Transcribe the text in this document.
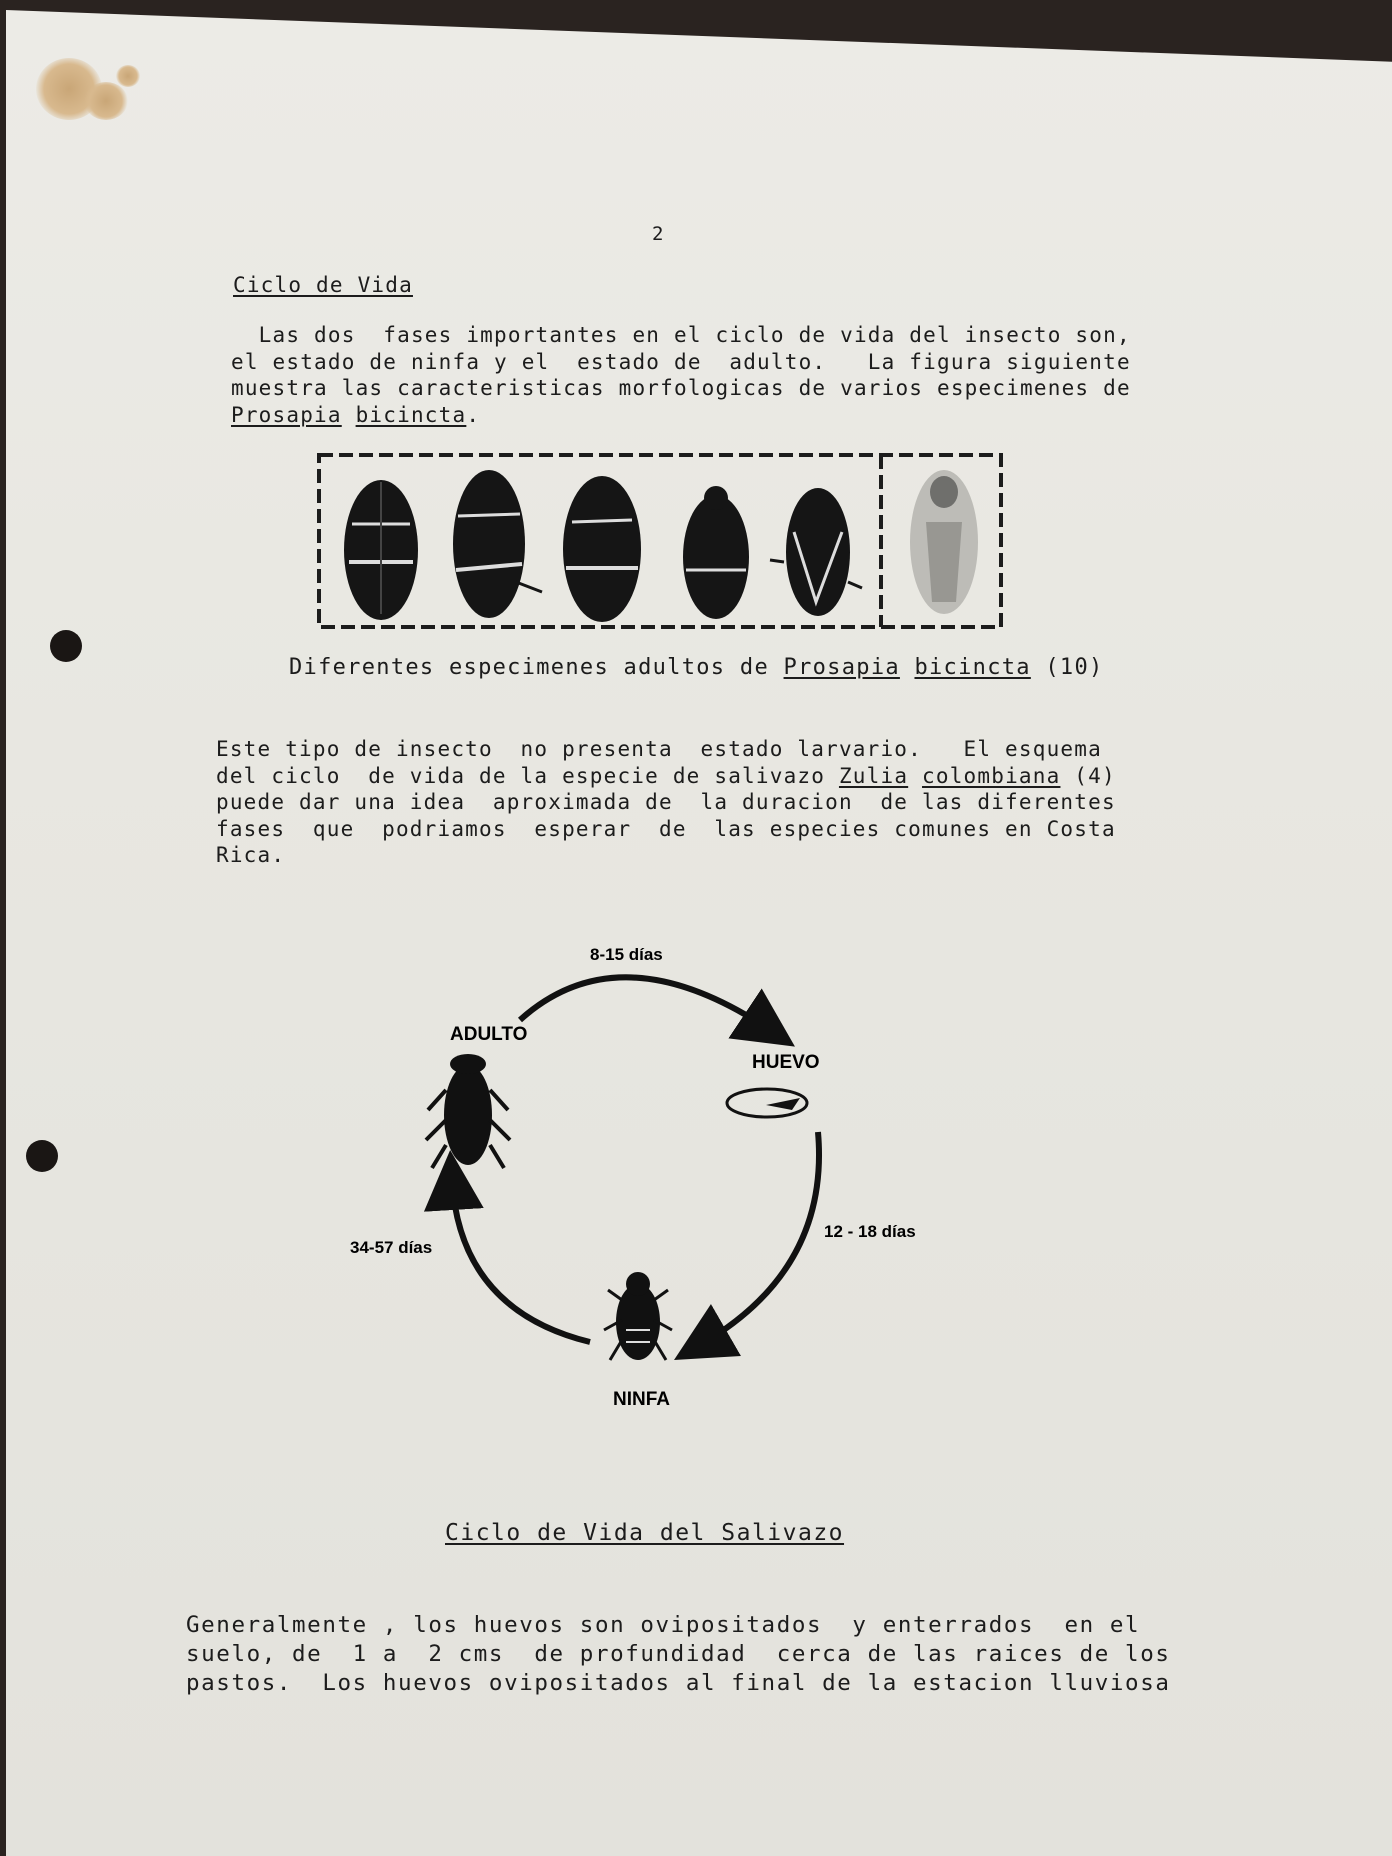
2
Ciclo de Vida
Las dos  fases importantes en el ciclo de vida del insecto son,
el estado de ninfa y el  estado de  adulto.   La figura siguiente
muestra las caracteristicas morfologicas de varios especimenes de
Prosapia bicincta.
Diferentes especimenes adultos de Prosapia bicincta (10)
Este tipo de insecto  no presenta  estado larvario.   El esquema
del ciclo  de vida de la especie de salivazo Zulia colombiana (4)
puede dar una idea  aproximada de  la duracion  de las diferentes
fases  que  podriamos  esperar  de  las especies comunes en Costa
Rica.
ADULTO
HUEVO
NINFA
8-15 días
12 - 18 días
34-57 días
Ciclo de Vida del Salivazo
Generalmente , los huevos son ovipositados  y enterrados  en el
suelo, de  1 a  2 cms  de profundidad  cerca de las raices de los
pastos.  Los huevos ovipositados al final de la estacion lluviosa
